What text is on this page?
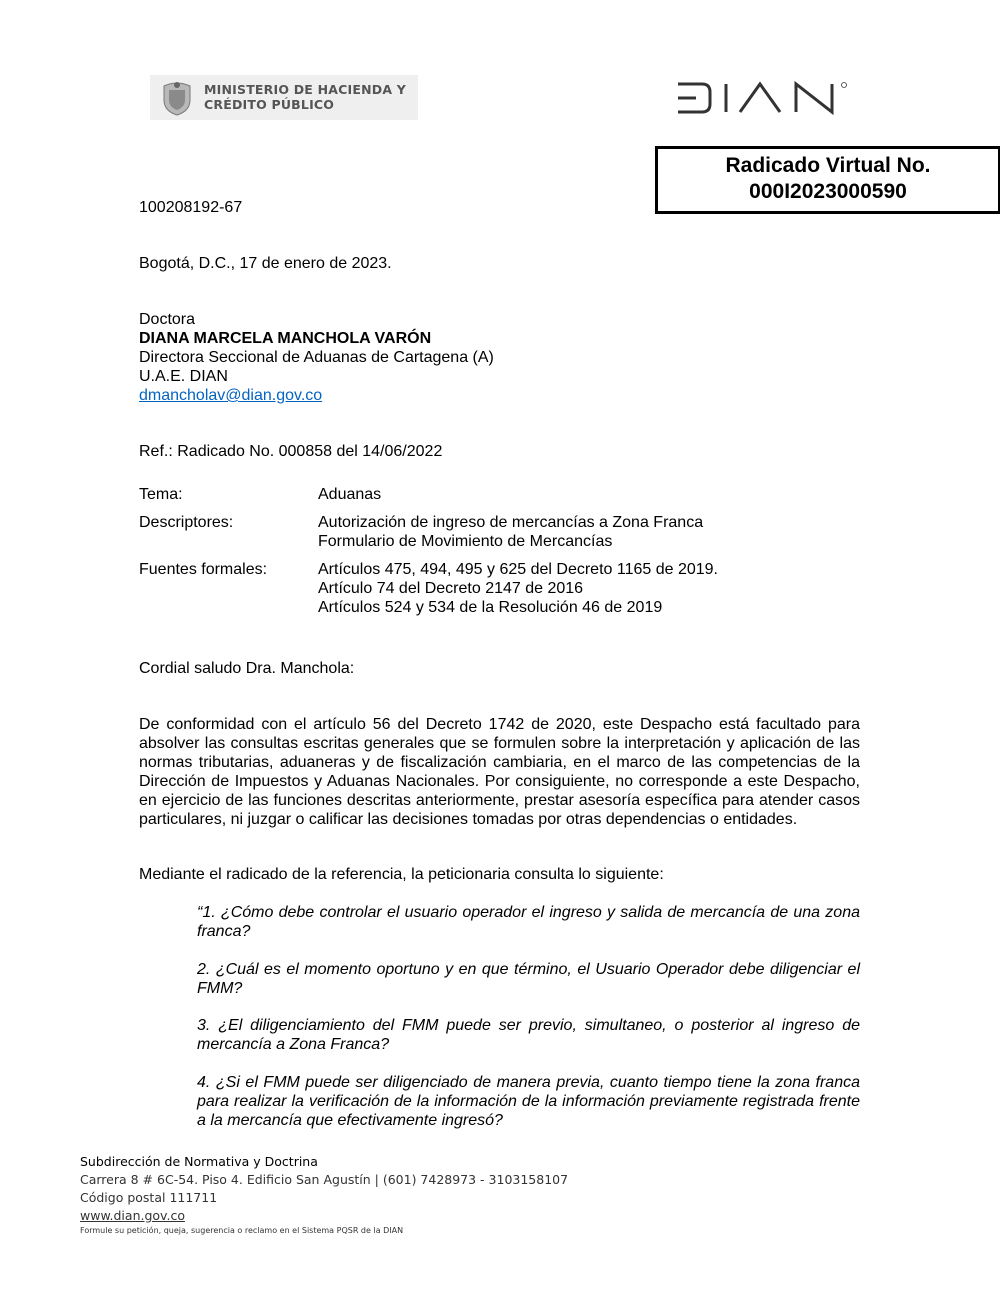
MINISTERIO DE HACIENDA Y
CRÉDITO PÚBLICO
Radicado Virtual No.
000I2023000590
100208192-67
Bogotá, D.C., 17 de enero de 2023.
Doctora
DIANA MARCELA MANCHOLA VARÓN
Directora Seccional de Aduanas de Cartagena (A)
U.A.E. DIAN
dmancholav@dian.gov.co
Ref.: Radicado No. 000858 del 14/06/2022
Tema:	Aduanas
Descriptores:	Autorización de ingreso de mercancías a Zona Franca
Formulario de Movimiento de Mercancías
Fuentes formales:	Artículos 475, 494, 495 y 625 del Decreto 1165 de 2019.
Artículo 74 del Decreto 2147 de 2016
Artículos 524 y 534 de la Resolución 46 de 2019
Cordial saludo Dra. Manchola:
De conformidad con el artículo 56 del Decreto 1742 de 2020, este Despacho está facultado para absolver las consultas escritas generales que se formulen sobre la interpretación y aplicación de las normas tributarias, aduaneras y de fiscalización cambiaria, en el marco de las competencias de la Dirección de Impuestos y Aduanas Nacionales. Por consiguiente, no corresponde a este Despacho, en ejercicio de las funciones descritas anteriormente, prestar asesoría específica para atender casos particulares, ni juzgar o calificar las decisiones tomadas por otras dependencias o entidades.
Mediante el radicado de la referencia, la peticionaria consulta lo siguiente:
“1. ¿Cómo debe controlar el usuario operador el ingreso y salida de mercancía de una zona franca?
2. ¿Cuál es el momento oportuno y en que término, el Usuario Operador debe diligenciar el FMM?
3. ¿El diligenciamiento del FMM puede ser previo, simultaneo, o posterior al ingreso de mercancía a Zona Franca?
4. ¿Si el FMM puede ser diligenciado de manera previa, cuanto tiempo tiene la zona franca para realizar la verificación de la información de la información previamente registrada frente a la mercancía que efectivamente ingresó?
Subdirección de Normativa y Doctrina
Carrera 8 # 6C-54. Piso 4. Edificio San Agustín | (601) 7428973 - 3103158107
Código postal 111711
www.dian.gov.co
Formule su petición, queja, sugerencia o reclamo en el Sistema PQSR de la DIAN
